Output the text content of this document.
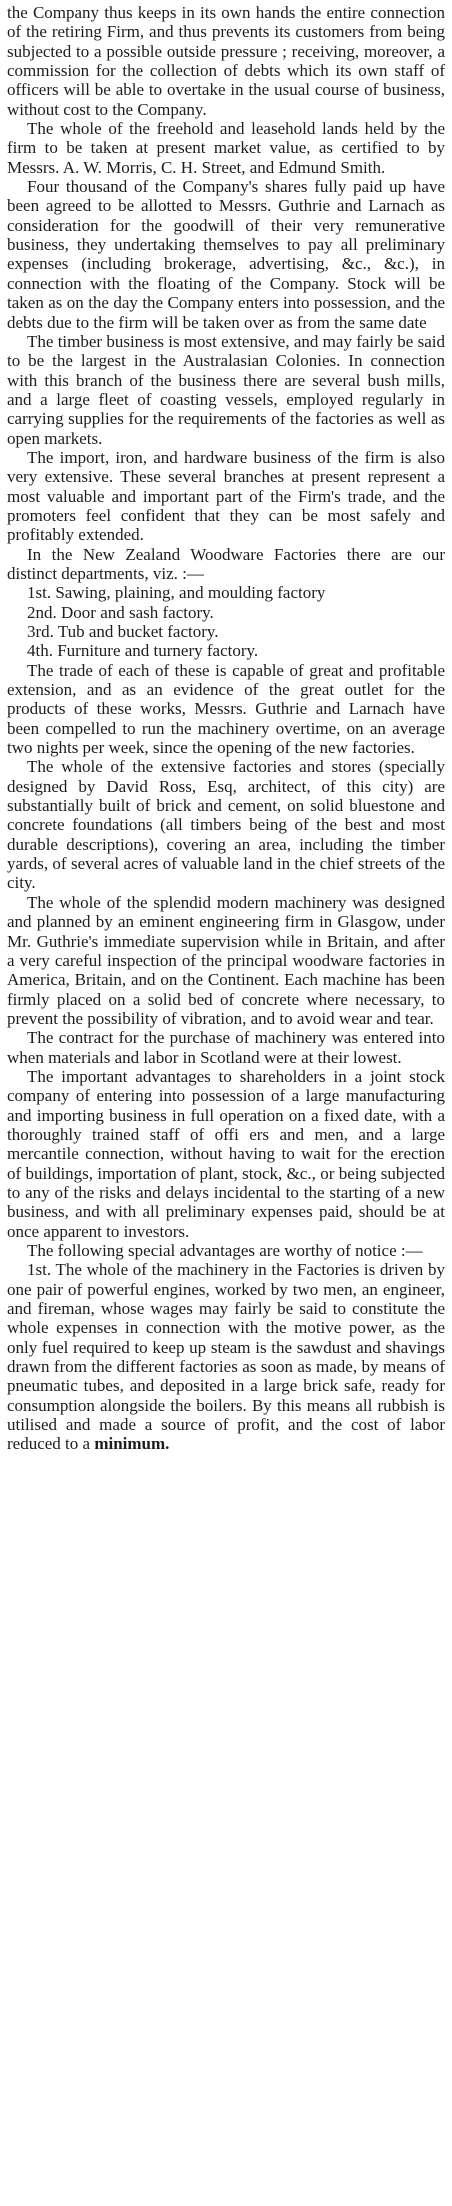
the Company thus keeps in its own hands the entire connection of the retiring Firm, and thus prevents its customers from being subjected to a possible outside pressure ; receiving, moreover, a commission for the collection of debts which its own staff of officers will be able to overtake in the usual course of business, without cost to the Company.

The whole of the freehold and leasehold lands held by the firm to be taken at present market value, as certified to by Messrs. A. W. Morris, C. H. Street, and Edmund Smith.

Four thousand of the Company's shares fully paid up have been agreed to be allotted to Messrs. Guthrie and Larnach as consideration for the goodwill of their very remunerative business, they undertaking themselves to pay all preliminary expenses (including brokerage, advertising, &c., &c.), in connection with the floating of the Company. Stock will be taken as on the day the Company enters into possession, and the debts due to the firm will be taken over as from the same date

The timber business is most extensive, and may fairly be said to be the largest in the Australasian Colonies. In connection with this branch of the business there are several bush mills, and a large fleet of coasting vessels, employed regularly in carrying supplies for the requirements of the factories as well as open markets.

The import, iron, and hardware business of the firm is also very extensive. These several branches at present represent a most valuable and important part of the Firm's trade, and the promoters feel confident that they can be most safely and profitably extended.

In the New Zealand Woodware Factories there are our distinct departments, viz. :—

1st. Sawing, plaining, and moulding factory

2nd. Door and sash factory.

3rd. Tub and bucket factory.

4th. Furniture and turnery factory.

The trade of each of these is capable of great and profitable extension, and as an evidence of the great outlet for the products of these works, Messrs. Guthrie and Larnach have been compelled to run the machinery overtime, on an average two nights per week, since the opening of the new factories.

The whole of the extensive factories and stores (specially designed by David Ross, Esq, architect, of this city) are substantially built of brick and cement, on solid bluestone and concrete foundations (all timbers being of the best and most durable descriptions), covering an area, including the timber yards, of several acres of valuable land in the chief streets of the city.

The whole of the splendid modern machinery was designed and planned by an eminent engineering firm in Glasgow, under Mr. Guthrie's immediate supervision while in Britain, and after a very careful inspection of the principal woodware factories in America, Britain, and on the Continent. Each machine has been firmly placed on a solid bed of concrete where necessary, to prevent the possibility of vibration, and to avoid wear and tear.

The contract for the purchase of machinery was entered into when materials and labor in Scotland were at their lowest.

The important advantages to shareholders in a joint stock company of entering into possession of a large manufacturing and importing business in full operation on a fixed date, with a thoroughly trained staff of offi ers and men, and a large mercantile connection, without having to wait for the erection of buildings, importation of plant, stock, &c., or being subjected to any of the risks and delays incidental to the starting of a new business, and with all preliminary expenses paid, should be at once apparent to investors.

The following special advantages are worthy of notice :—

1st. The whole of the machinery in the Factories is driven by one pair of powerful engines, worked by two men, an engineer, and fireman, whose wages may fairly be said to constitute the whole expenses in connection with the motive power, as the only fuel required to keep up steam is the sawdust and shavings drawn from the different factories as soon as made, by means of pneumatic tubes, and deposited in a large brick safe, ready for consumption alongside the boilers. By this means all rubbish is utilised and made a source of profit, and the cost of labor reduced to a minimum.
